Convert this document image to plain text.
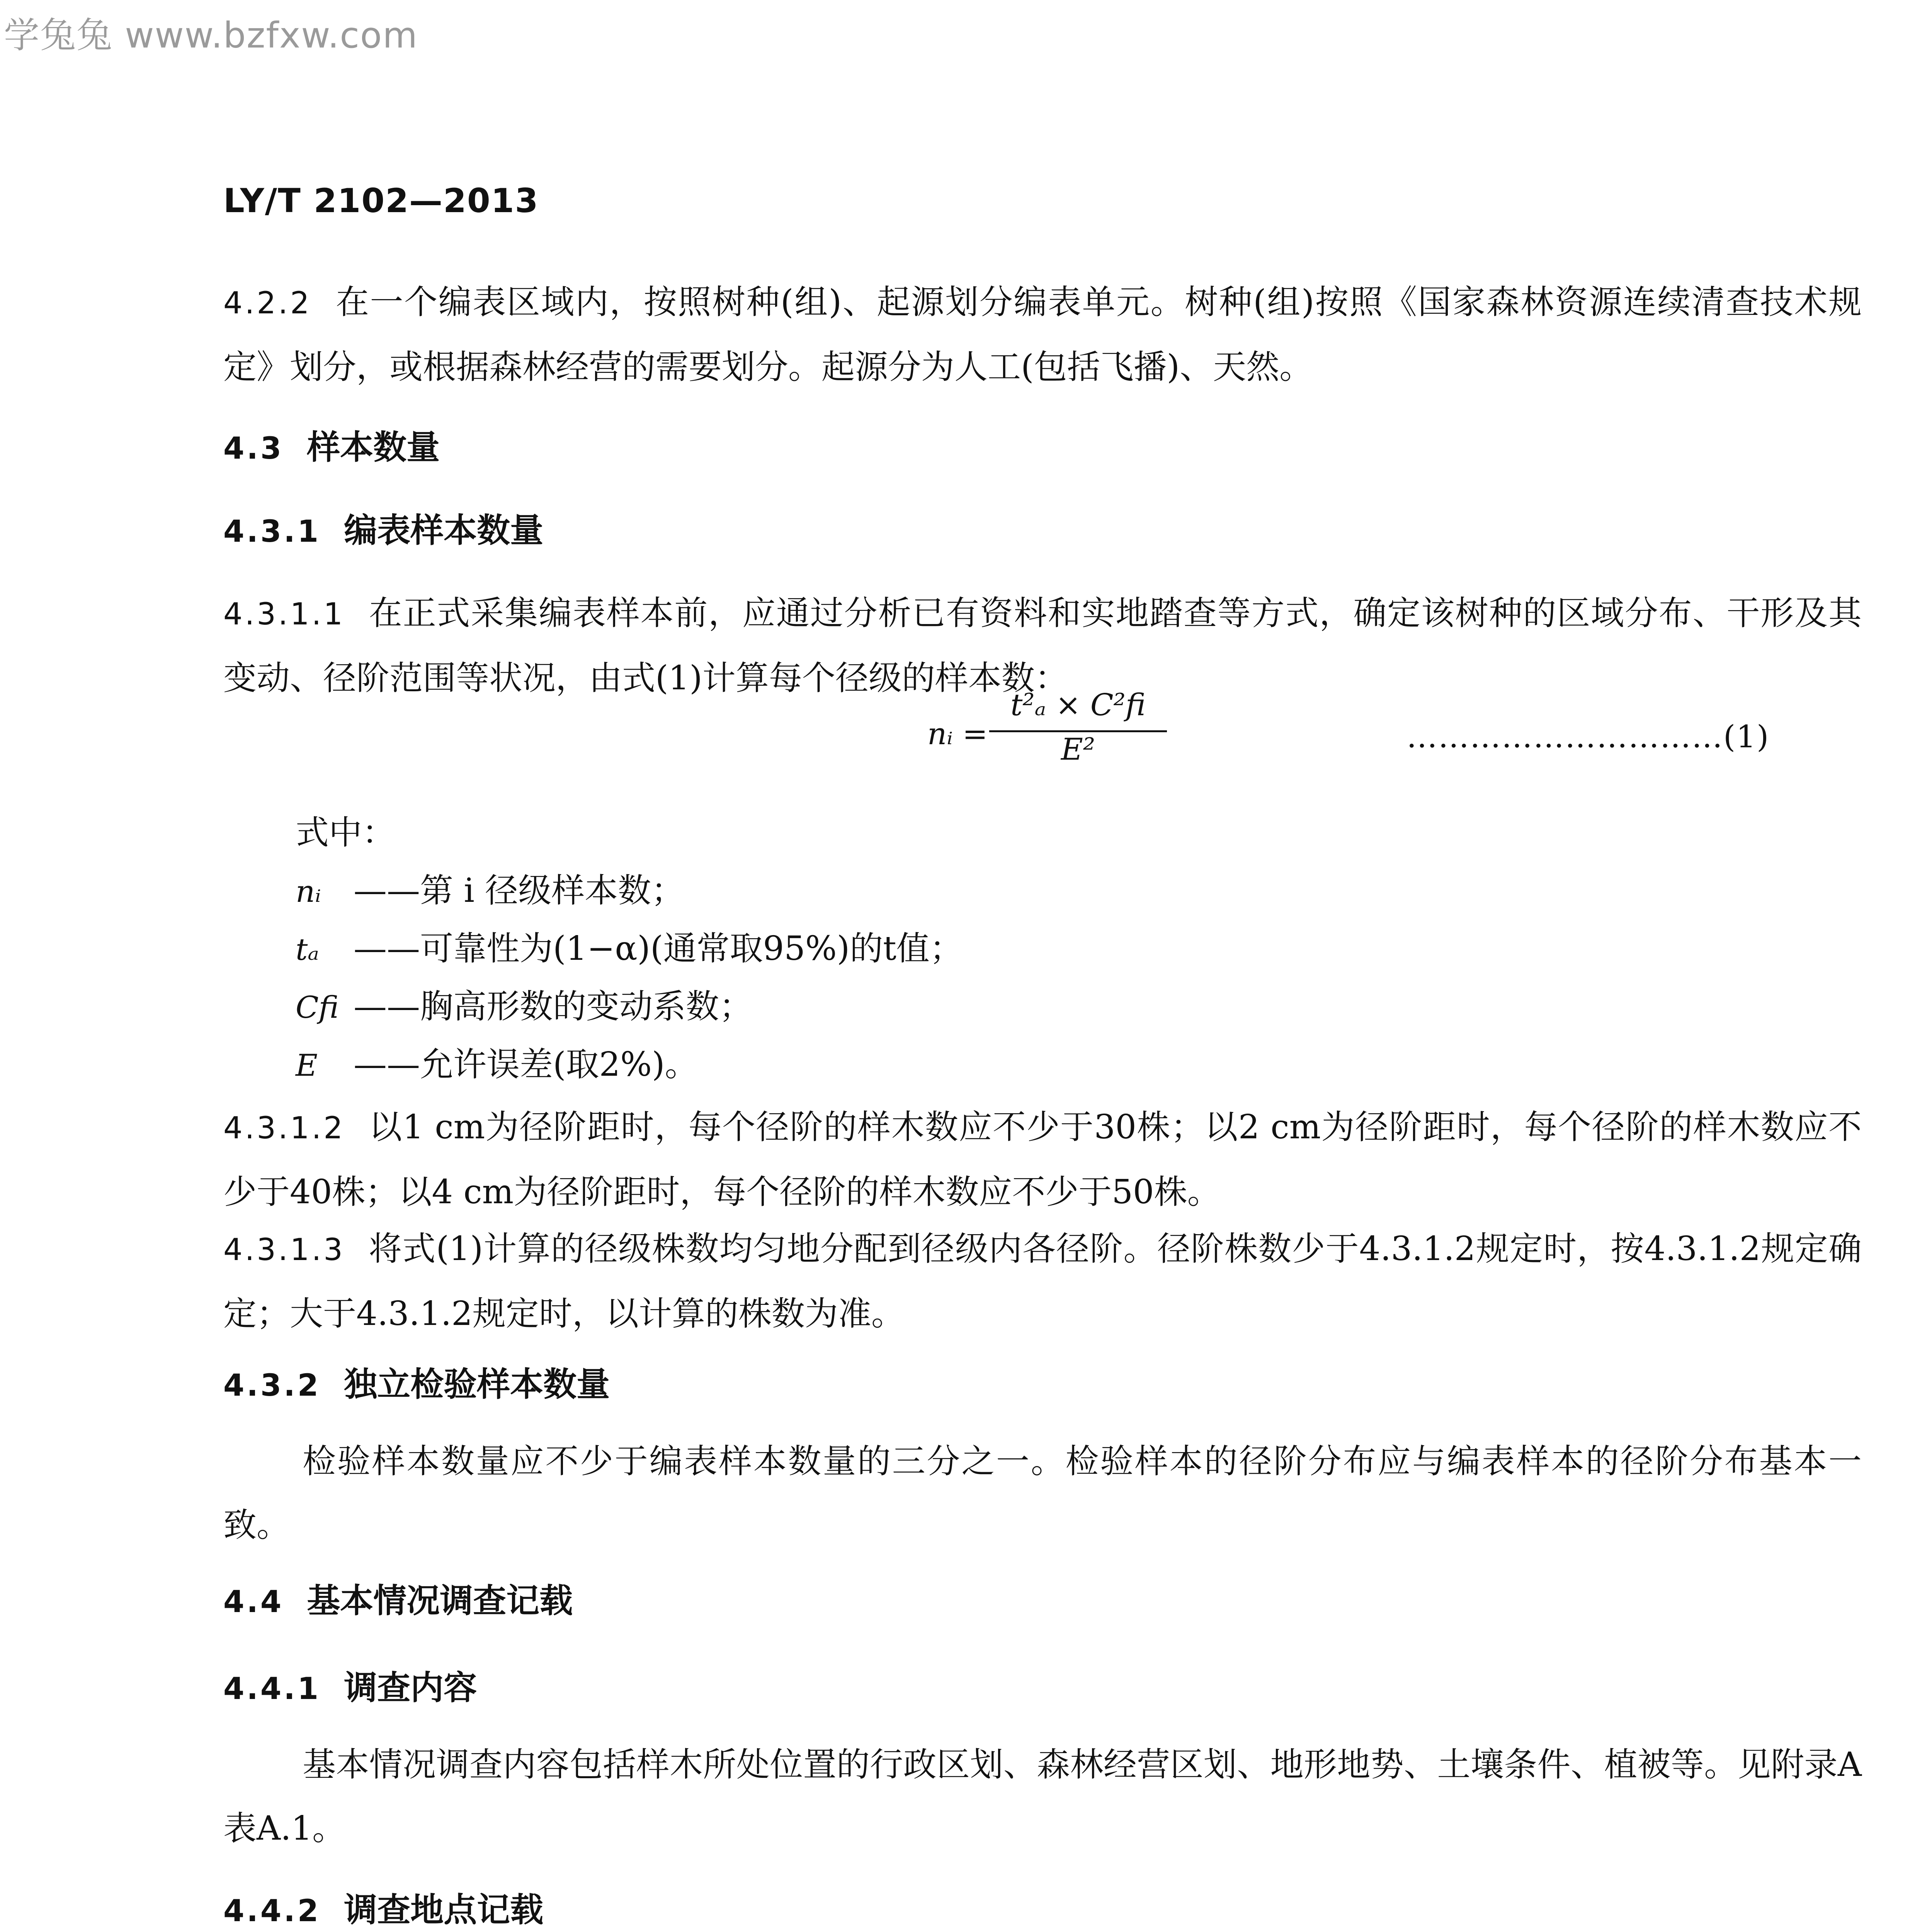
学兔兔 www.bzfxw.com
LY/T 2102—2013
4.2.2 在一个编表区域内，按照树种(组)、起源划分编表单元。树种(组)按照《国家森林资源连续清查技术规定》划分，或根据森林经营的需要划分。起源分为人工(包括飞播)、天然。
4.3 样本数量
4.3.1 编表样本数量
4.3.1.1 在正式采集编表样本前，应通过分析已有资料和实地踏查等方式，确定该树种的区域分布、干形及其变动、径阶范围等状况，由式(1)计算每个径级的样本数：
nᵢ =
t²ₐ × C²fi
E²	…………………………(1)
式中：
nᵢ ——第 i 径级样本数；
tₐ ——可靠性为(1−α)(通常取95%)的t值；
Cfi ——胸高形数的变动系数；
E ——允许误差(取2%)。
4.3.1.2 以1 cm为径阶距时，每个径阶的样木数应不少于30株；以2 cm为径阶距时，每个径阶的样木数应不少于40株；以4 cm为径阶距时，每个径阶的样木数应不少于50株。
4.3.1.3 将式(1)计算的径级株数均匀地分配到径级内各径阶。径阶株数少于4.3.1.2规定时，按4.3.1.2规定确定；大于4.3.1.2规定时，以计算的株数为准。
4.3.2 独立检验样本数量
检验样本数量应不少于编表样本数量的三分之一。检验样本的径阶分布应与编表样本的径阶分布基本一致。
4.4 基本情况调查记载
4.4.1 调查内容
基本情况调查内容包括样木所处位置的行政区划、森林经营区划、地形地势、土壤条件、植被等。见附录A表A.1。
4.4.2 调查地点记载
